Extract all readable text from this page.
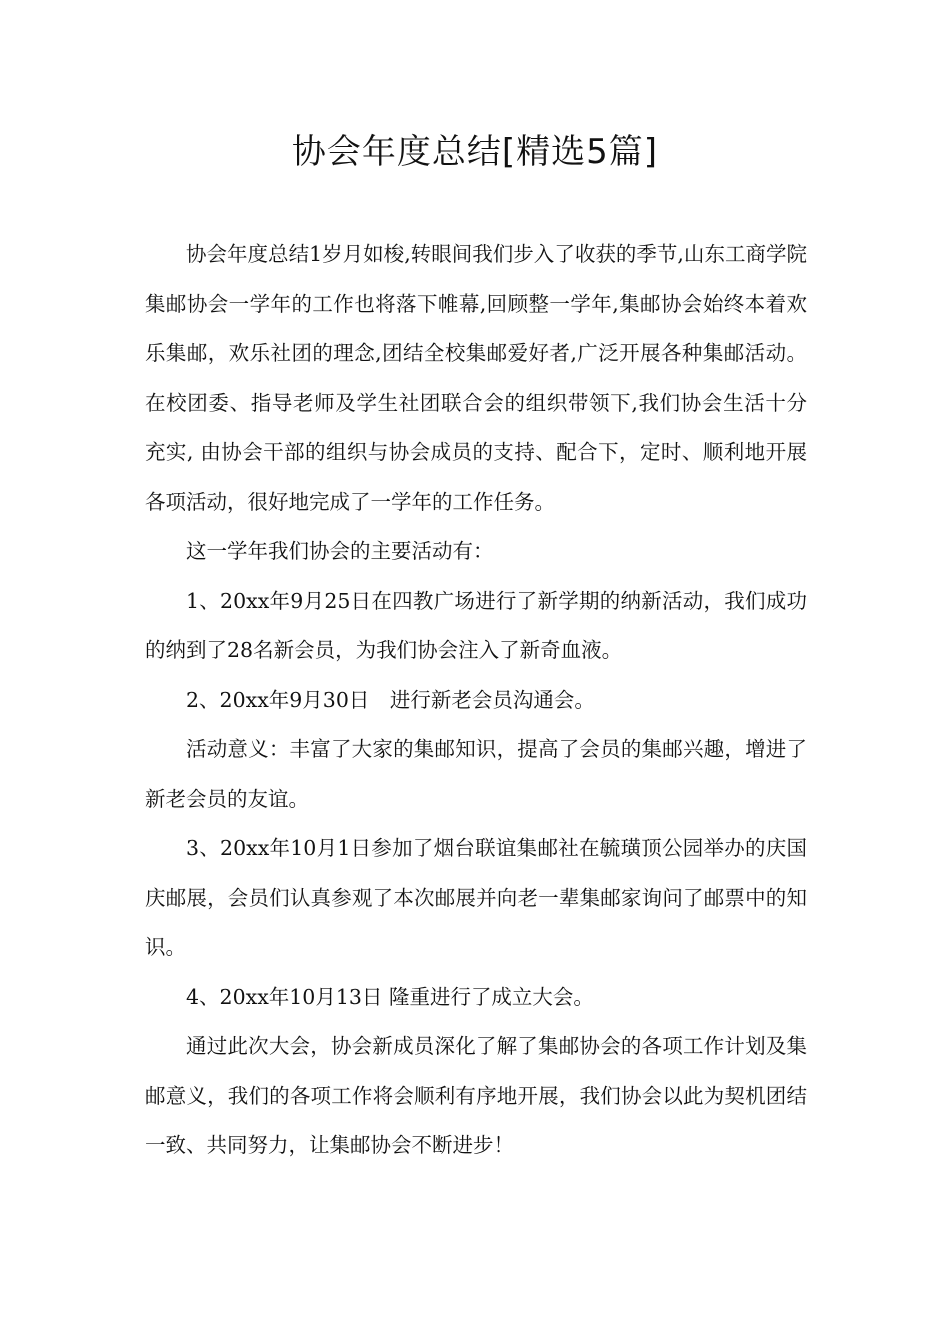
协会年度总结[精选5篇]

协会年度总结1岁月如梭,转眼间我们步入了收获的季节,山东工商学院集邮协会一学年的工作也将落下帷幕,回顾整一学年,集邮协会始终本着欢乐集邮，欢乐社团的理念,团结全校集邮爱好者,广泛开展各种集邮活动。在校团委、指导老师及学生社团联合会的组织带领下,我们协会生活十分充实, 由协会干部的组织与协会成员的支持、配合下，定时、顺利地开展各项活动，很好地完成了一学年的工作任务。

这一学年我们协会的主要活动有：

1、20xx年9月25日在四教广场进行了新学期的纳新活动，我们成功的纳到了28名新会员，为我们协会注入了新奇血液。

2、20xx年9月30日　进行新老会员沟通会。

活动意义：丰富了大家的集邮知识，提高了会员的集邮兴趣，增进了新老会员的友谊。

3、20xx年10月1日参加了烟台联谊集邮社在毓璜顶公园举办的庆国庆邮展，会员们认真参观了本次邮展并向老一辈集邮家询问了邮票中的知识。

4、20xx年10月13日 隆重进行了成立大会。

通过此次大会，协会新成员深化了解了集邮协会的各项工作计划及集邮意义，我们的各项工作将会顺利有序地开展，我们协会以此为契机团结一致、共同努力，让集邮协会不断进步！
